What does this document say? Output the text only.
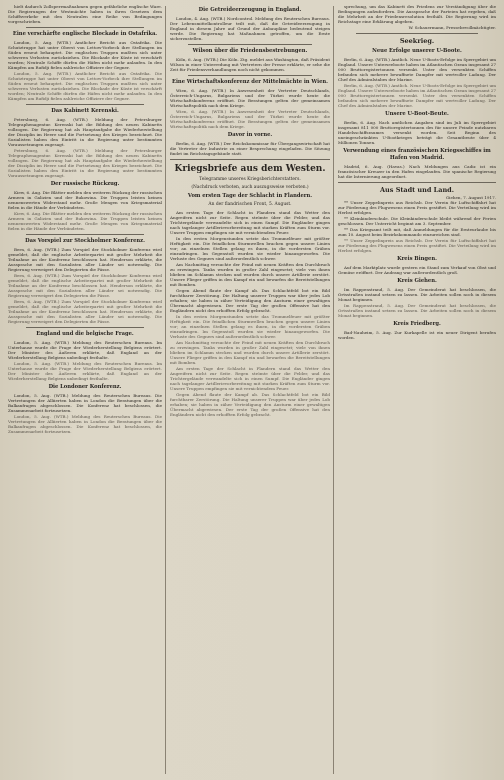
hielt dadurch Zollsperrmaßnahmen gegen gefährliche englische Ware. Die Regierungen der Westmächte haben in ihren Gesetzen dem Schiffsverkehr mit den Neutralen eine Reihe von Bedingungen vorgeschrieben.

Eine verschärfte englische Blockade in Ostafrika.

London, 5. Aug. (WTB.) Amtlicher Bericht aus Ostafrika. Die Schutztruppe hat unter Oberst von Lettow-Vorbeck ihre Stellungen im Süden erneut behauptet. Die englischen Truppen mußten sich unter schweren Verlusten zurückziehen. Die Blockade der Küste ist verschärft worden; Neutrale Schiffe dürfen die Häfen nicht mehr anlaufen. In den Kämpfen am Rufidji fielen zahlreiche Offiziere der Gegner.

London, 5. Aug. (WTB.) Amtlicher Bericht aus Ostafrika. Die Schutztruppe hat unter Oberst von Lettow-Vorbeck ihre Stellungen im Süden erneut behauptet. Die englischen Truppen mußten sich unter schweren Verlusten zurückziehen. Die Blockade der Küste ist verschärft worden; Neutrale Schiffe dürfen die Häfen nicht mehr anlaufen. In den Kämpfen am Rufidji fielen zahlreiche Offiziere der Gegner.

Das Kabinett Kerenski.

Petersburg, 6. Aug. (WTB.) Meldung der Petersburger Telegraphenagentur. Kerenski hat die Bildung des neuen Kabinetts vollzogen. Die Regierung hat als Hauptaufgabe die Wiederherstellung der Disziplin im Heere und die Fortsetzung des Krieges bezeichnet. Die Sozialisten haben den Eintritt in die Regierung unter bestimmten Voraussetzungen zugesagt.

Petersburg, 6. Aug. (WTB.) Meldung der Petersburger Telegraphenagentur. Kerenski hat die Bildung des neuen Kabinetts vollzogen. Die Regierung hat als Hauptaufgabe die Wiederherstellung der Disziplin im Heere und die Fortsetzung des Krieges bezeichnet. Die Sozialisten haben den Eintritt in die Regierung unter bestimmten Voraussetzungen zugesagt.

Der russische Rückzug.

Kiew, 6. Aug. Die Blätter melden den weiteren Rückzug der russischen Armeen in Galizien und der Bukowina. Die Truppen leisten keinen nennenswerten Widerstand mehr. Große Mengen von Kriegsmaterial fielen in die Hände der Verbündeten.

Kiew, 6. Aug. Die Blätter melden den weiteren Rückzug der russischen Armeen in Galizien und der Bukowina. Die Truppen leisten keinen nennenswerten Widerstand mehr. Große Mengen von Kriegsmaterial fielen in die Hände der Verbündeten.

Das Vorspiel zur Stockholmer Konferenz.

Bern, 6. Aug. (WTB.) Zum Vorspiel der Stockholmer Konferenz wird gemeldet, daß die englische Arbeiterpartei mit großer Mehrheit die Teilnahme an der Konferenz beschlossen hat. Henderson erklärte, die Aussprache mit den Sozialisten aller Länder sei notwendig. Die Regierung verweigert den Delegierten die Pässe.

Bern, 6. Aug. (WTB.) Zum Vorspiel der Stockholmer Konferenz wird gemeldet, daß die englische Arbeiterpartei mit großer Mehrheit die Teilnahme an der Konferenz beschlossen hat. Henderson erklärte, die Aussprache mit den Sozialisten aller Länder sei notwendig. Die Regierung verweigert den Delegierten die Pässe.

Bern, 6. Aug. (WTB.) Zum Vorspiel der Stockholmer Konferenz wird gemeldet, daß die englische Arbeiterpartei mit großer Mehrheit die Teilnahme an der Konferenz beschlossen hat. Henderson erklärte, die Aussprache mit den Sozialisten aller Länder sei notwendig. Die Regierung verweigert den Delegierten die Pässe.

England und die belgische Frage.

London, 5. Aug. (WTB.) Meldung des Reuterschen Bureaus. Im Unterhause wurde die Frage der Wiederherstellung Belgiens erörtert. Der Minister des Äußeren erklärte, daß England an der Wiederherstellung Belgiens unbedingt festhalte.

London, 5. Aug. (WTB.) Meldung des Reuterschen Bureaus. Im Unterhause wurde die Frage der Wiederherstellung Belgiens erörtert. Der Minister des Äußeren erklärte, daß England an der Wiederherstellung Belgiens unbedingt festhalte.

Die Londoner Konferenz.

London, 5. Aug. (WTB.) Meldung des Reuterschen Bureaus. Die Vertretungen der Alliierten haben in London die Beratungen über die Balkanfragen abgeschlossen. Die Konferenz hat beschlossen, die Zusammenarbeit fortzusetzen.

London, 5. Aug. (WTB.) Meldung des Reuterschen Bureaus. Die Vertretungen der Alliierten haben in London die Beratungen über die Balkanfragen abgeschlossen. Die Konferenz hat beschlossen, die Zusammenarbeit fortzusetzen.

Die Getreideerzeugung in England.

London, 4. Aug. (WTB.) Nordcontrol. Meldung des Reuterschen Bureaus. Der Lebensmittelkontrolleur teilt mit, daß die Getreideerzeugung in England in diesem Jahre auf Grund der Anbaupläne bedeutend steigen werde. Die Regierung hat Maßnahmen getroffen, um die Ernte sicherzustellen.

Wilson über die Friedensbestrebungen.

Köln, 6. Aug. (WTB.) Die Köln. Ztg. meldet aus Washington, daß Präsident Wilson in einer Unterredung mit Vertretern der Presse erklärte, er sehe die Zeit für Friedensverhandlungen noch nicht gekommen.

Eine Wirtschaftskonferenz der Mittelmächte in Wien.

Wien, 6. Aug. (WTB.) In Anwesenheit der Vertreter Deutschlands, Österreich-Ungarns, Bulgariens und der Türkei wurde heute die Wirtschaftskonferenz eröffnet. Die Beratungen gelten der gemeinsamen Wirtschaftspolitik nach dem Kriege.

Wien, 6. Aug. (WTB.) In Anwesenheit der Vertreter Deutschlands, Österreich-Ungarns, Bulgariens und der Türkei wurde heute die Wirtschaftskonferenz eröffnet. Die Beratungen gelten der gemeinsamen Wirtschaftspolitik nach dem Kriege.

Davor in vorne.

Berlin, 6. Aug. (WTB.) Der Reichskommissar für Übergangswirtschaft hat die Vertreter der Industrie zu einer Besprechung eingeladen. Die Sitzung findet im Reichstagsgebäude statt.

Kriegsbriefe aus dem Westen.
Telegramme unseres Kriegsberichterstatters.
(Nachdruck verboten, auch auszugsweise verboten.)
Vom ersten Tage der Schlacht in Flandern.
An der flandrischen Front, 5. August.

Am ersten Tage der Schlacht in Flandern stand das Wetter den Angreifern nicht zur Seite. Regen strömte über die Felder, und das Trichtergelände verwandelte sich in einen Sumpf. Die Engländer gingen nach tagelanger Artillerievorbereitung mit starken Kräften zum Sturm vor. Unsere Truppen empfingen sie mit vernichtendem Feuer.

In den ersten Morgenstunden setzte das Trommelfeuer mit größter Heftigkeit ein. Die feindlichen Sturmwellen brachen gegen unsere Linien vor; an einzelnen Stellen gelang es ihnen, in die vordersten Gräben einzudringen. Im Gegenstoß wurden sie wieder hinausgeworfen. Die Verluste des Gegners sind außerordentlich schwer.

Am Nachmittag versuchte der Feind mit neuen Kräften den Durchbruch zu erzwingen. Tanks wurden in großer Zahl eingesetzt; viele von ihnen blieben im Schlamm stecken und wurden durch unsere Artillerie zerstört. Unsere Flieger griffen in den Kampf ein und bewarfen die Bereitstellungen mit Bomben.

Gegen Abend flaute der Kampf ab. Das Schlachtfeld bot ein Bild furchtbarer Zerstörung. Die Haltung unserer Truppen war über jedes Lob erhaben; sie haben in zäher Verteidigung den Ansturm einer gewaltigen Übermacht abgewiesen. Der erste Tag der großen Offensive hat den Engländern nicht den erhofften Erfolg gebracht.

In den ersten Morgenstunden setzte das Trommelfeuer mit größter Heftigkeit ein. Die feindlichen Sturmwellen brachen gegen unsere Linien vor; an einzelnen Stellen gelang es ihnen, in die vordersten Gräben einzudringen. Im Gegenstoß wurden sie wieder hinausgeworfen. Die Verluste des Gegners sind außerordentlich schwer.

Am Nachmittag versuchte der Feind mit neuen Kräften den Durchbruch zu erzwingen. Tanks wurden in großer Zahl eingesetzt; viele von ihnen blieben im Schlamm stecken und wurden durch unsere Artillerie zerstört. Unsere Flieger griffen in den Kampf ein und bewarfen die Bereitstellungen mit Bomben.

Am ersten Tage der Schlacht in Flandern stand das Wetter den Angreifern nicht zur Seite. Regen strömte über die Felder, und das Trichtergelände verwandelte sich in einen Sumpf. Die Engländer gingen nach tagelanger Artillerievorbereitung mit starken Kräften zum Sturm vor. Unsere Truppen empfingen sie mit vernichtendem Feuer.

Gegen Abend flaute der Kampf ab. Das Schlachtfeld bot ein Bild furchtbarer Zerstörung. Die Haltung unserer Truppen war über jedes Lob erhaben; sie haben in zäher Verteidigung den Ansturm einer gewaltigen Übermacht abgewiesen. Der erste Tag der großen Offensive hat den Engländern nicht den erhofften Erfolg gebracht.

sprechung, um das Kabinett des Friedens zur Verständigung über die Bedingungen aufzufordern. Die Aussprache der Parteien hat ergeben, daß die Mehrheit an der Friedensresolution festhält. Die Regierung wird im Reichstage eine Erklärung abgeben.

W. Schauermann, Pressebevollmächtigter.
Seekrieg.
Neue Erfolge unserer U-Boote.

Berlin, 6. Aug. (WTB.) Amtlich. Neue U-Boots-Erfolge im Sperrgebiet um England. Unsere Unterseeboote haben im Atlantischen Ozean insgesamt 27 000 Bruttoregistertonnen versenkt. Unter den versenkten Schiffen befanden sich mehrere bewaffnete Dampfer mit wertvoller Ladung. Der Chef des Admiralstabes der Marine.

Berlin, 6. Aug. (WTB.) Amtlich. Neue U-Boots-Erfolge im Sperrgebiet um England. Unsere Unterseeboote haben im Atlantischen Ozean insgesamt 27 000 Bruttoregistertonnen versenkt. Unter den versenkten Schiffen befanden sich mehrere bewaffnete Dampfer mit wertvoller Ladung. Der Chef des Admiralstabes der Marine.

Unsere U-Boot-Beute.

Berlin, 6. Aug. Nach amtlichen Angaben sind im Juli im Sperrgebiet insgesamt 811 000 Bruttoregistertonnen des für unsere Feinde nutzbaren Handelsschiffsraumes versenkt worden. Seit Beginn des uneingeschränkten U-Bootkrieges beträgt die Gesamtbeute über 4 Millionen Tonnen.

Verwendung eines französischen Kriegsschiffes im Hafen von Madrid.

Madrid, 6. Aug. (Havas.) Nach Meldungen aus Cadiz ist ein französischer Kreuzer in den Hafen eingelaufen. Die spanische Regierung hat die Internierung angeordnet.

Aus Stadt und Land.
Giehen, 7. August 1917.

** Unser Zeppelinpreis aus Reichsb. Der Verein für Luftschiffahrt hat zur Förderung des Flugwesens einen Preis gestiftet. Die Verteilung wird im Herbst erfolgen.

** Kleinkinderschule. Die Kleinkinderschule bleibt während der Ferien geschlossen. Der Unterricht beginnt am 3. September.

** Das Kriegsamt teilt mit, daß Anmeldungen für die Ernteurlaube bis zum 10. August beim Bezirkskommando einzureichen sind.

** Unser Zeppelinpreis aus Reichsb. Der Verein für Luftschiffahrt hat zur Förderung des Flugwesens einen Preis gestiftet. Die Verteilung wird im Herbst erfolgen.

Kreis Bingen.

Auf dem Marktplatz wurde gestern ein Stand zum Verkauf von Obst und Gemüse eröffnet. Der Andrang war außerordentlich groß.

Kreis Giehen.

Im Rappenstrand, 5. Aug. Der Gemeinderat hat beschlossen, die Ortsstraßen instand setzen zu lassen. Die Arbeiten sollen noch in diesem Monat beginnen.

Im Rappenstrand, 5. Aug. Der Gemeinderat hat beschlossen, die Ortsstraßen instand setzen zu lassen. Die Arbeiten sollen noch in diesem Monat beginnen.

Kreis Friedberg.

Bad-Nauheim, 5. Aug. Zur Kurkapelle ist ein neuer Dirigent berufen worden.
